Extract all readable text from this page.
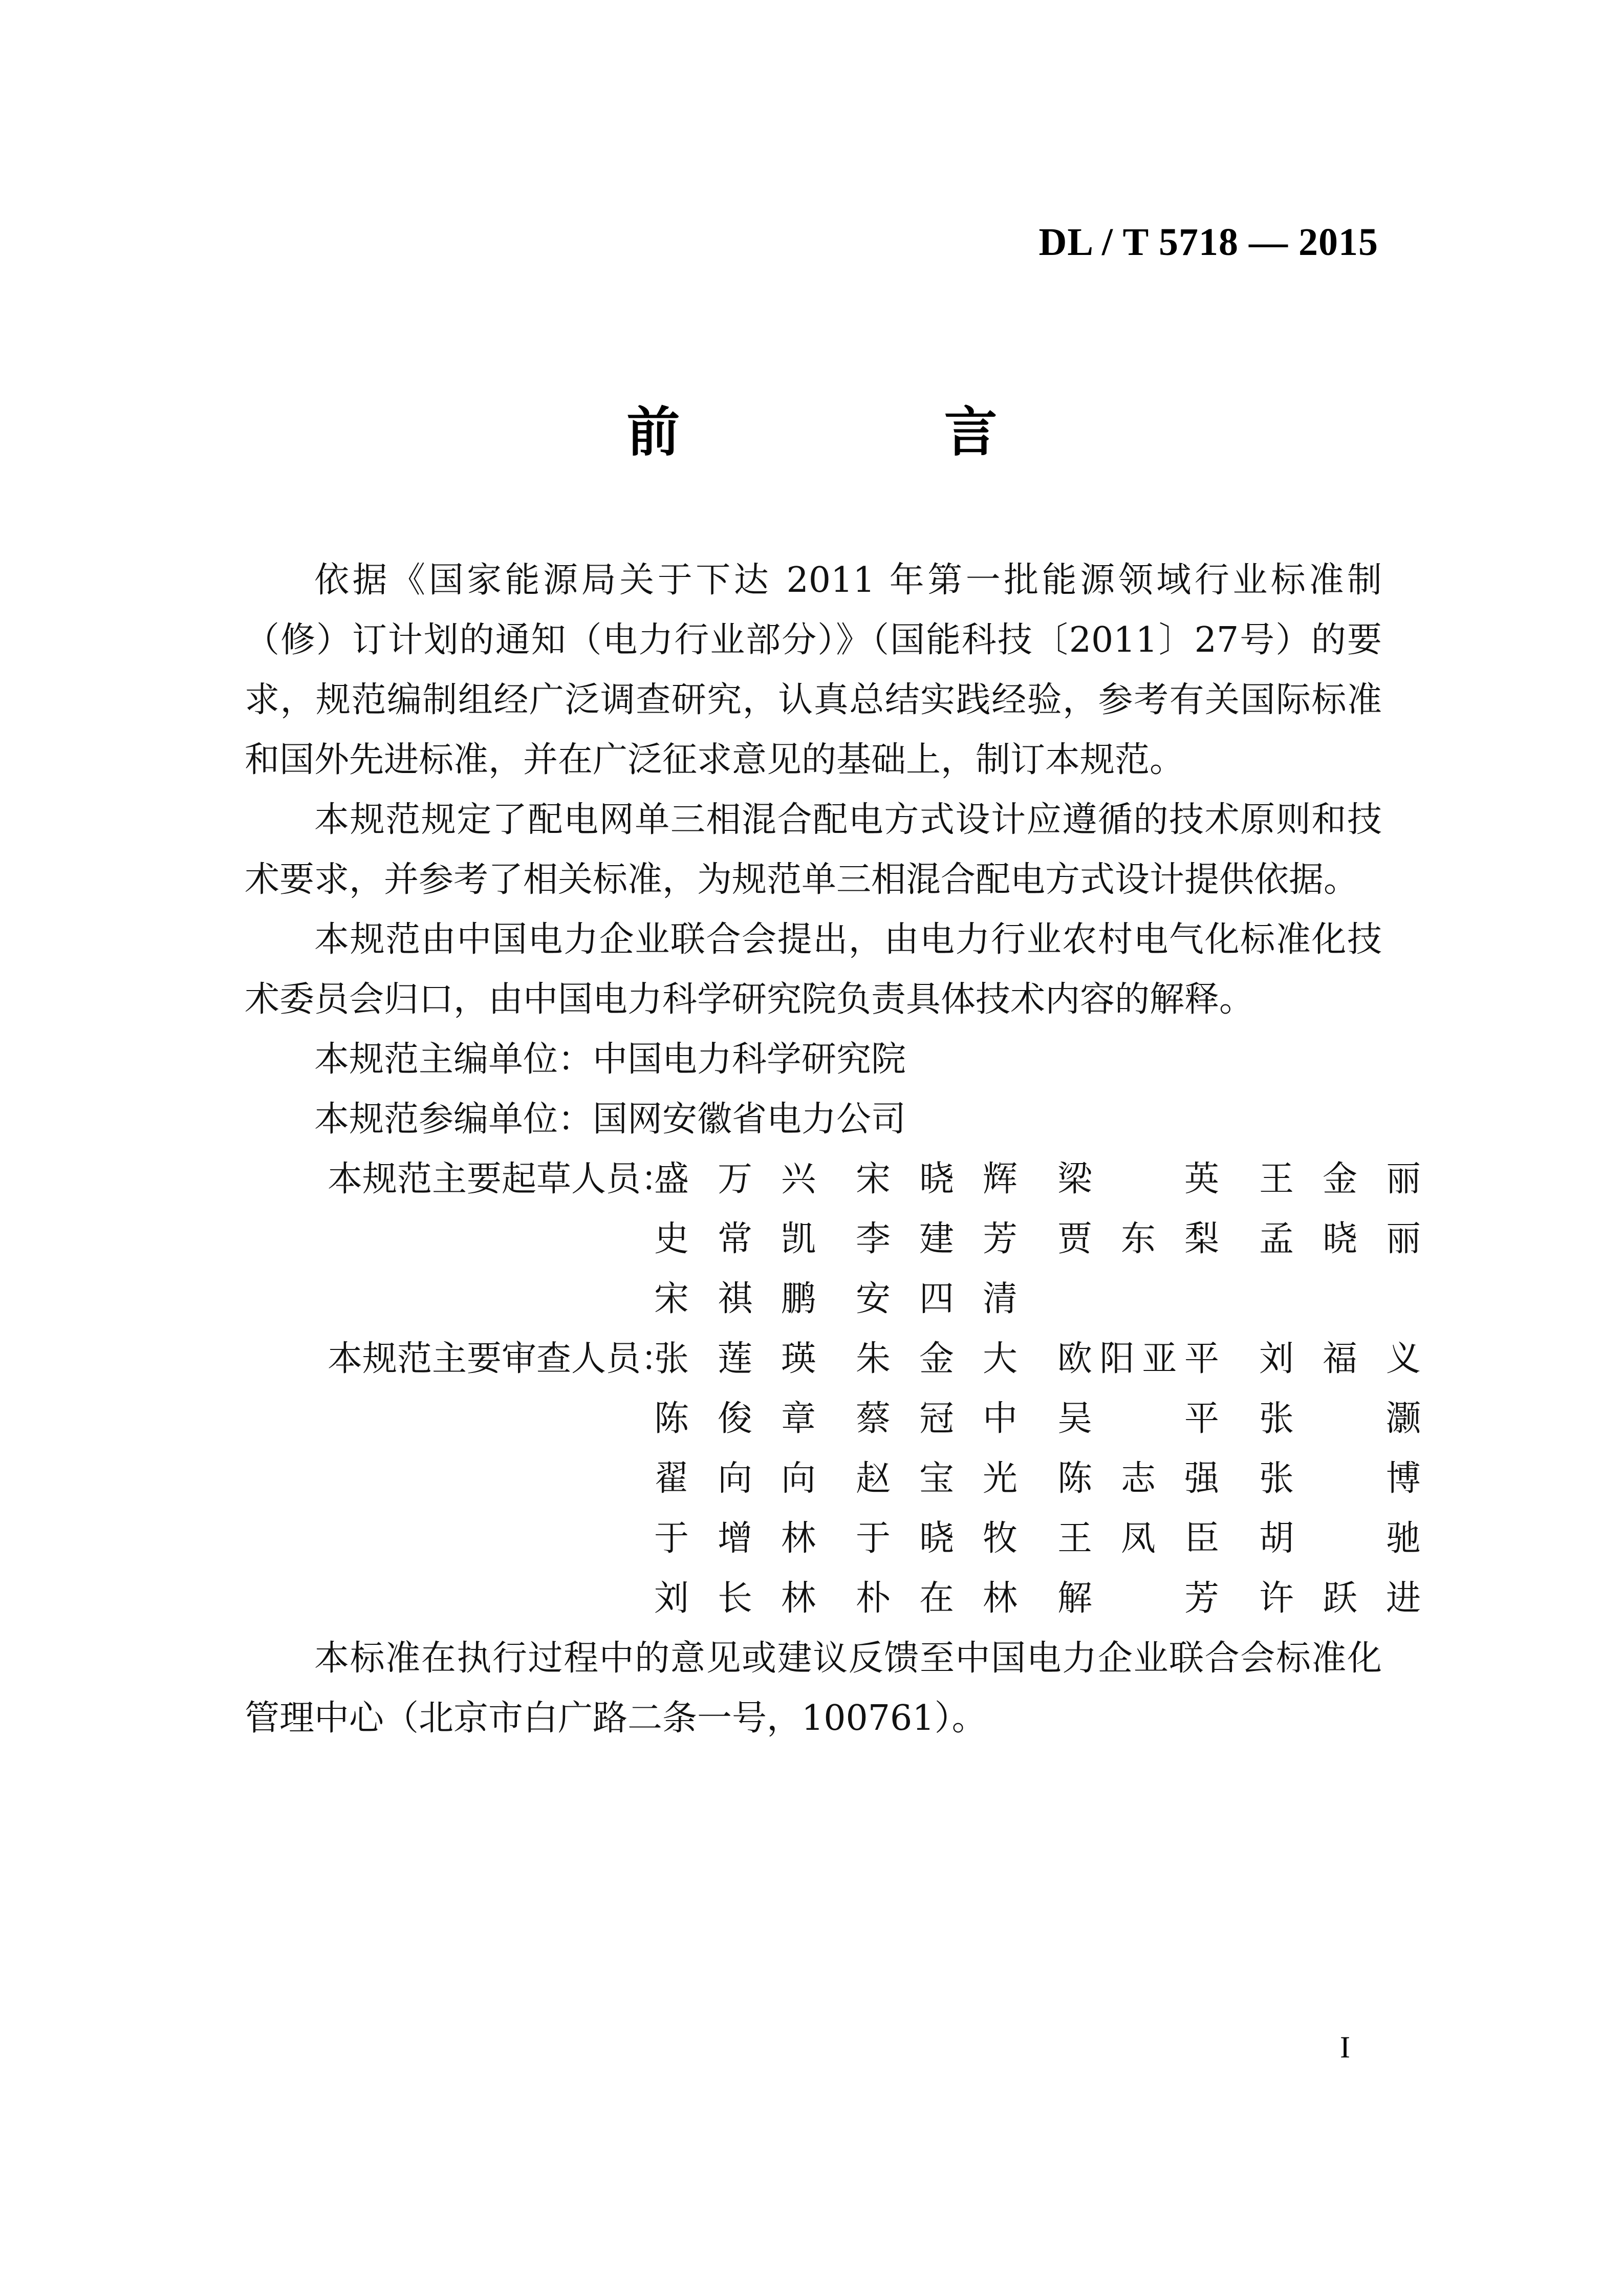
DL / T 5718 — 2015
前 言

依据《国家能源局关于下达 2011 年第一批能源领域行业标准制（修）订计划的通知（电力行业部分）》（国能科技〔2011〕27号）的要求，规范编制组经广泛调查研究，认真总结实践经验，参考有关国际标准和国外先进标准，并在广泛征求意见的基础上，制订本规范。

本规范规定了配电网单三相混合配电方式设计应遵循的技术原则和技术要求，并参考了相关标准，为规范单三相混合配电方式设计提供依据。

本规范由中国电力企业联合会提出，由电力行业农村电气化标准化技术委员会归口，由中国电力科学研究院负责具体技术内容的解释。

本规范主编单位：中国电力科学研究院

本规范参编单位：国网安徽省电力公司

本规范主要起草人员：
盛万兴	宋晓辉	梁　英	王金丽
史常凯	李建芳	贾东梨	孟晓丽
宋祺鹏	安四清
本规范主要审查人员：
张莲瑛	朱金大	欧阳亚平	刘福义
陈俊章	蔡冠中	吴　平	张　灏
翟向向	赵宝光	陈志强	张　博
于增林	于晓牧	王凤臣	胡　驰
刘长林	朴在林	解　芳	许跃进

本标准在执行过程中的意见或建议反馈至中国电力企业联合会标准化管理中心（北京市白广路二条一号，100761）。

I
